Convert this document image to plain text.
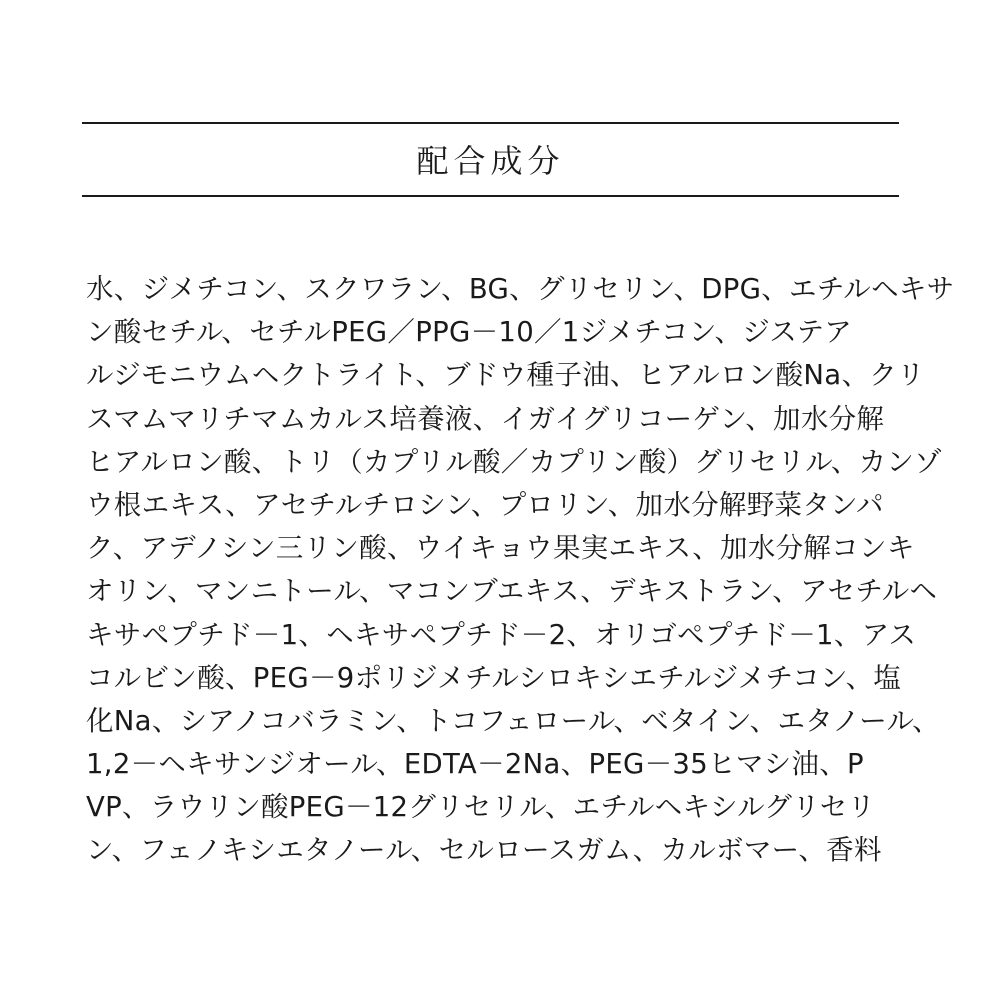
配合成分
水、ジメチコン、スクワラン、BG、グリセリン、DPG、エチルヘキサ
ン酸セチル、セチルPEG／PPG－10／1ジメチコン、ジステア
ルジモニウムヘクトライト、ブドウ種子油、ヒアルロン酸Na、クリ
スマムマリチマムカルス培養液、イガイグリコーゲン、加水分解
ヒアルロン酸、トリ（カプリル酸／カプリン酸）グリセリル、カンゾ
ウ根エキス、アセチルチロシン、プロリン、加水分解野菜タンパ
ク、アデノシン三リン酸、ウイキョウ果実エキス、加水分解コンキ
オリン、マンニトール、マコンブエキス、デキストラン、アセチルヘ
キサペプチド－1、ヘキサペプチド－2、オリゴペプチド－1、アス
コルビン酸、PEG－9ポリジメチルシロキシエチルジメチコン、塩
化Na、シアノコバラミン、トコフェロール、ベタイン、エタノール、
1,2－ヘキサンジオール、EDTA－2Na、PEG－35ヒマシ油、P
VP、ラウリン酸PEG－12グリセリル、エチルヘキシルグリセリ
ン、フェノキシエタノール、セルロースガム、カルボマー、香料
